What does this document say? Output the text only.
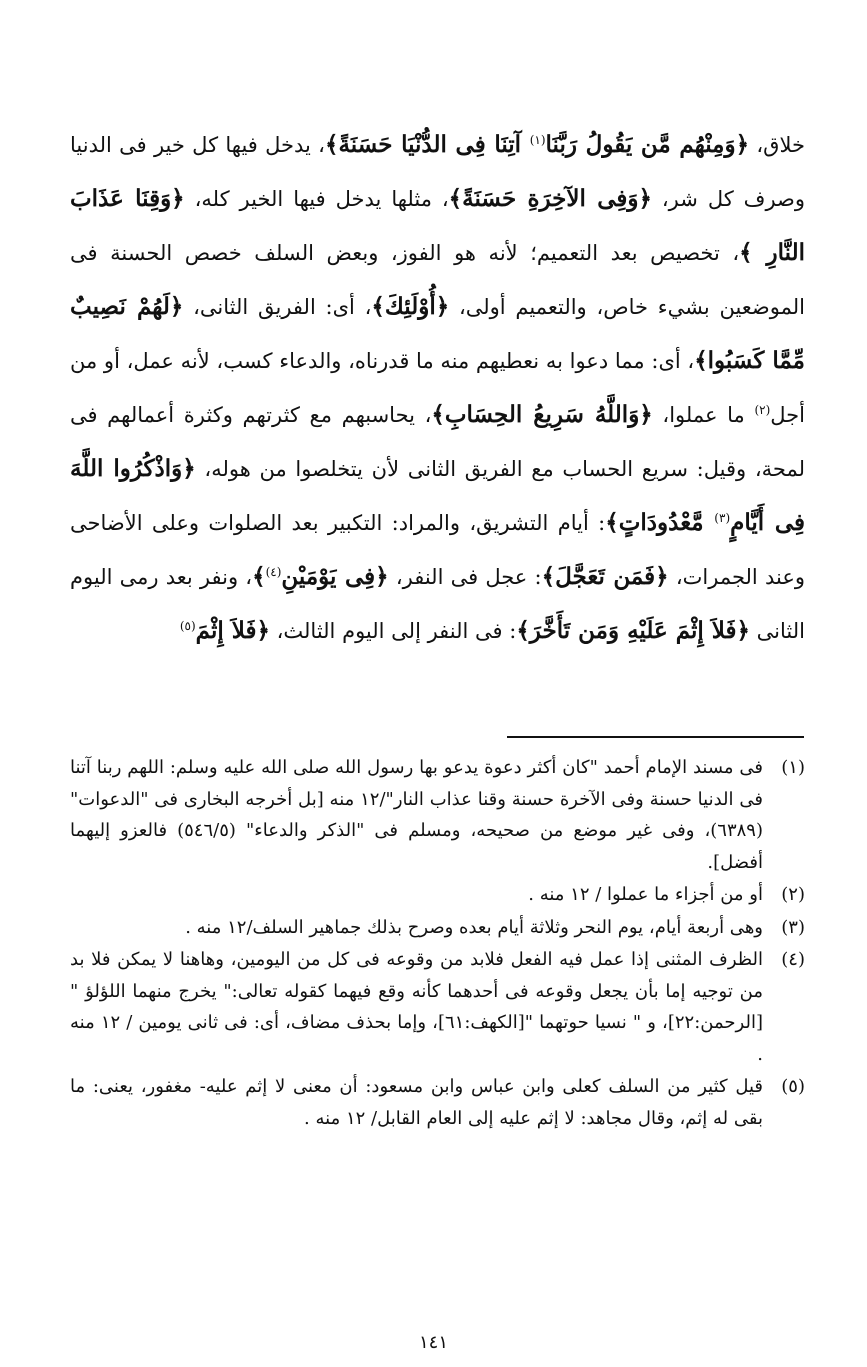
خلاق، ﴿وَمِنْهُم مَّن يَقُولُ رَبَّنَا$^{(١)}$ آتِنَا فِى الدُّنْيَا حَسَنَةً﴾، يدخل فيها كل خير فى الدنيا وصرف كل شر، ﴿وَفِى الآخِرَةِ حَسَنَةً﴾، مثلها يدخل فيها الخير كله، ﴿وَقِنَا عَذَابَ النَّارِ ﴾، تخصيص بعد التعميم؛ لأنه هو الفوز، وبعض السلف خصص الحسنة فى الموضعين بشيء خاص، والتعميم أولى، ﴿أُوْلَئِكَ﴾، أى: الفريق الثانى، ﴿لَهُمْ نَصِيبٌ مِّمَّا كَسَبُوا﴾، أى: مما دعوا به نعطيهم منه ما قدرناه، والدعاء كسب، لأنه عمل، أو من أجل$^{(٢)}$ ما عملوا، ﴿وَاللَّهُ سَرِيعُ الحِسَابِ﴾، يحاسبهم مع كثرتهم وكثرة أعمالهم فى لمحة، وقيل: سريع الحساب مع الفريق الثانى لأن يتخلصوا من هوله، ﴿وَاذْكُرُوا اللَّهَ فِى أَيَّامٍ$^{(٣)}$ مَّعْدُودَاتٍ﴾: أيام التشريق، والمراد: التكبير بعد الصلوات وعلى الأضاحى وعند الجمرات، ﴿فَمَن تَعَجَّلَ﴾: عجل فى النفر، ﴿فِى يَوْمَيْنِ$^{(٤)}$﴾، ونفر بعد رمى اليوم الثانى ﴿فَلاَ إِثْمَ عَلَيْهِ وَمَن تَأَخَّرَ﴾: فى النفر إلى اليوم الثالث، ﴿فَلاَ إِثْمَ$^{(٥)}$

(١)
فى مسند الإمام أحمد "كان أكثر دعوة يدعو بها رسول الله صلى الله عليه وسلم: اللهم ربنا آتنا فى الدنيا حسنة وفى الآخرة حسنة وقنا عذاب النار"/١٢ منه [بل أخرجه البخارى فى "الدعوات" (٦٣٨٩)، وفى غير موضع من صحيحه، ومسلم فى "الذكر والدعاء" (٥٤٦/٥) فالعزو إليهما أفضل].
(٢)
أو من أجزاء ما عملوا / ١٢ منه .
(٣)
وهى أربعة أيام، يوم النحر وثلاثة أيام بعده وصرح بذلك جماهير السلف/١٢ منه .
(٤)
الظرف المثنى إذا عمل فيه الفعل فلابد من وقوعه فى كل من اليومين، وهاهنا لا يمكن فلا بد من توجيه إما بأن يجعل وقوعه فى أحدهما كأنه وقع فيهما كقوله تعالى:" يخرج منهما اللؤلؤ "[الرحمن:٢٢]، و " نسيا حوتهما "[الكهف:٦١]، وإما بحذف مضاف، أى: فى ثانى يومين / ١٢ منه .
(٥)
قيل كثير من السلف كعلى وابن عباس وابن مسعود: أن معنى لا إثم عليه- مغفور، يعنى: ما بقى له إثم، وقال مجاهد: لا إثم عليه إلى العام القابل/ ١٢ منه .
١٤١
